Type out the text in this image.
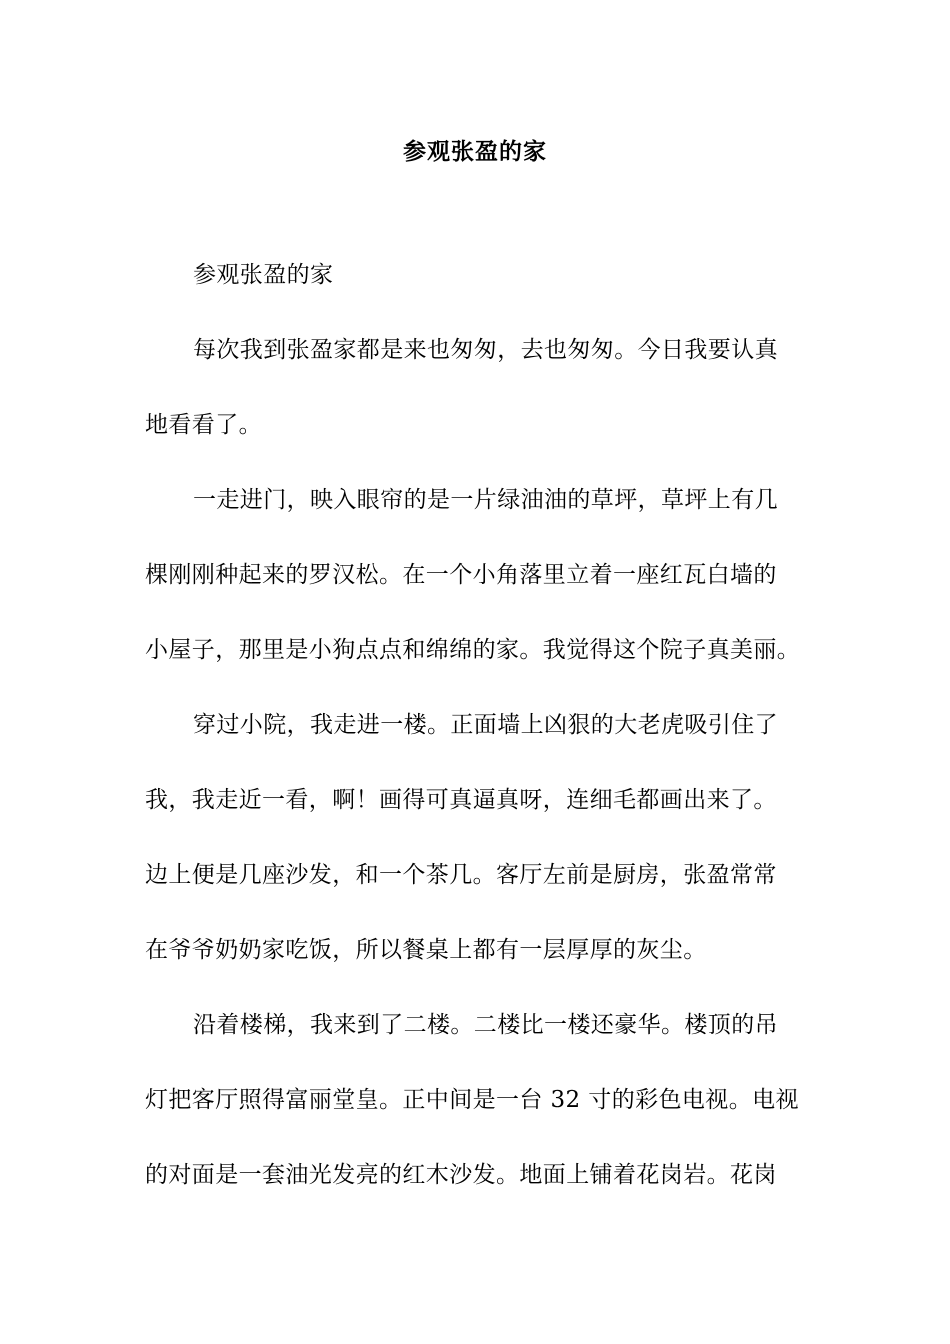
参观张盈的家
参观张盈的家
每次我到张盈家都是来也匆匆，去也匆匆。今日我要认真
地看看了。
一走进门，映入眼帘的是一片绿油油的草坪，草坪上有几
棵刚刚种起来的罗汉松。在一个小角落里立着一座红瓦白墙的
小屋子，那里是小狗点点和绵绵的家。我觉得这个院子真美丽。
穿过小院，我走进一楼。正面墙上凶狠的大老虎吸引住了
我，我走近一看，啊！画得可真逼真呀，连细毛都画出来了。
边上便是几座沙发，和一个茶几。客厅左前是厨房，张盈常常
在爷爷奶奶家吃饭，所以餐桌上都有一层厚厚的灰尘。
沿着楼梯，我来到了二楼。二楼比一楼还豪华。楼顶的吊
灯把客厅照得富丽堂皇。正中间是一台 32 寸的彩色电视。电视
的对面是一套油光发亮的红木沙发。地面上铺着花岗岩。花岗
